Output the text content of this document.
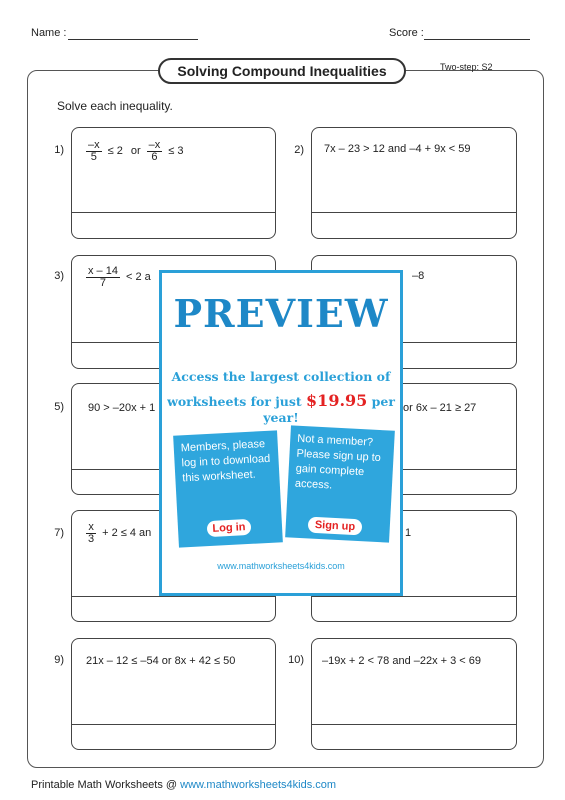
Name :	Score :
Solving Compound Inequalities	Two-step: S2
Solve each inequality.
$1) \frac{-x}{5} \le 2$ or $\frac{-x}{6} \le 3$	2) 7x – 23 > 12 and –4 + 9x < 59
$3) \frac{x - 14}{7} < 2$ a	–8
5) 90 > –20x + 1	or 6x – 21 ≥ 27
$7) \frac{x}{3} + 2 \le 4$ an	1
9) 21x – 12 ≤ –54 or 8x + 42 ≤ 50	10) –19x + 2 < 78 and –22x + 3 < 69
PREVIEW
Access the largest collection of
worksheets for just $19.95 per year!
Members, please log in to download this worksheet.
Log in
Not a member? Please sign up to gain complete access.
Sign up
www.mathworksheets4kids.com
Printable Math Worksheets @ www.mathworksheets4kids.com
